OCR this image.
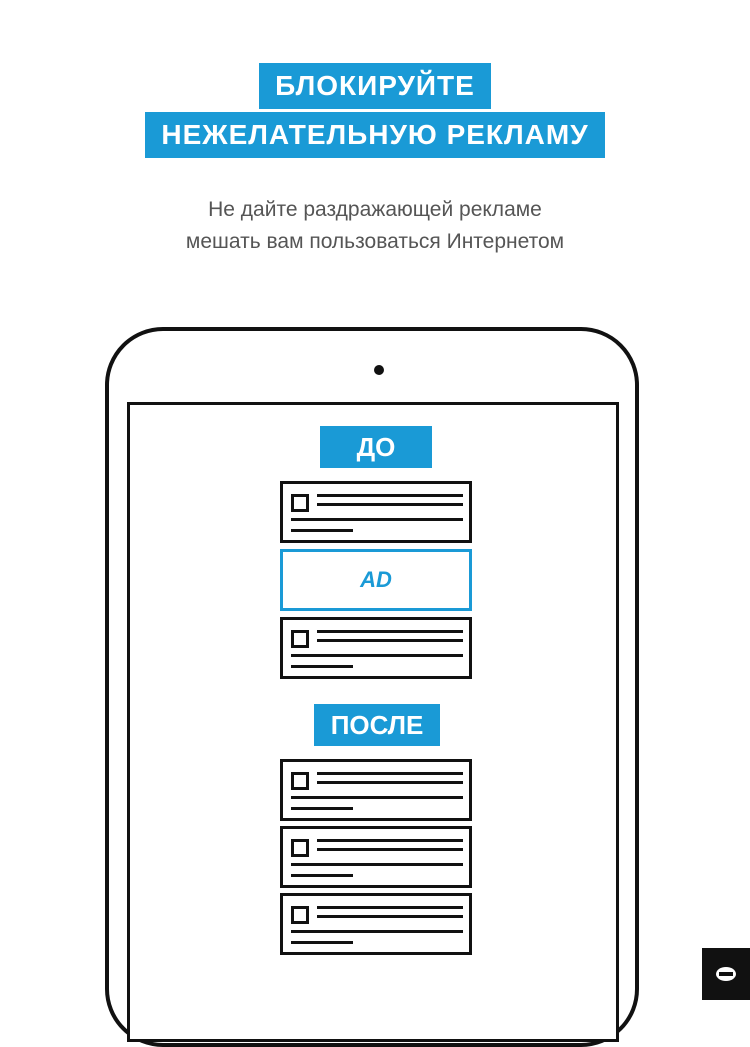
БЛОКИРУЙТЕ
НЕЖЕЛАТЕЛЬНУЮ РЕКЛАМУ
Не дайте раздражающей рекламе
мешать вам пользоваться Интернетом
ДО
AD
ПОСЛЕ
